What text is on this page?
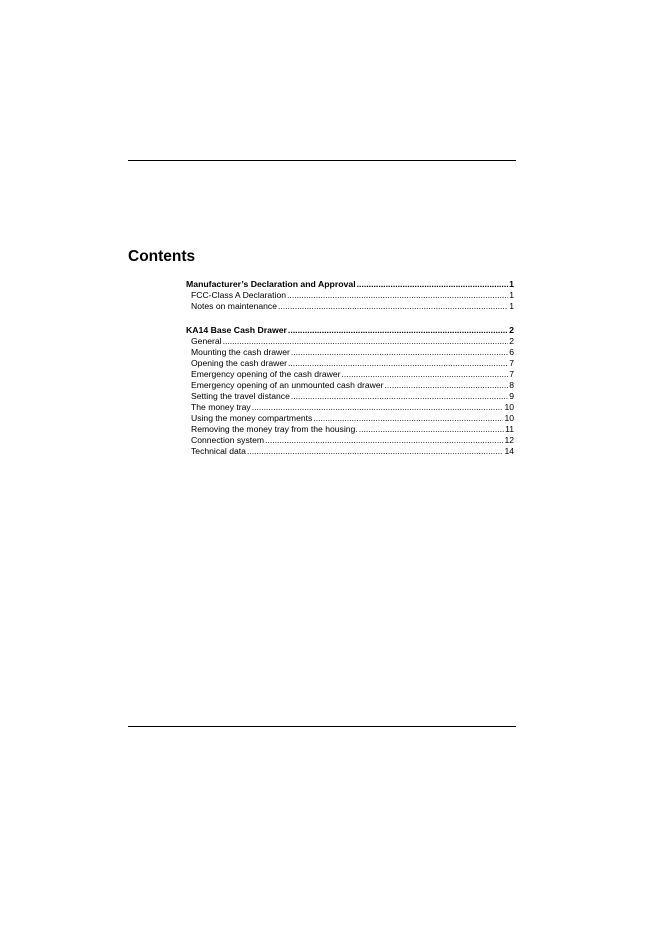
Contents
Manufacturer’s Declaration and Approval .....	1
FCC-Class A Declaration .....	1
Notes on maintenance .....	1
KA14 Base Cash Drawer .....	2
General .....	2
Mounting the cash drawer .....	6
Opening the cash drawer .....	7
Emergency opening of the cash drawer .....	7
Emergency opening of an unmounted cash drawer .....	8
Setting the travel distance .....	9
The money tray .....	10
Using the money compartments .....	10
Removing the money tray from the housing. .....	11
Connection system .....	12
Technical data .....	14
